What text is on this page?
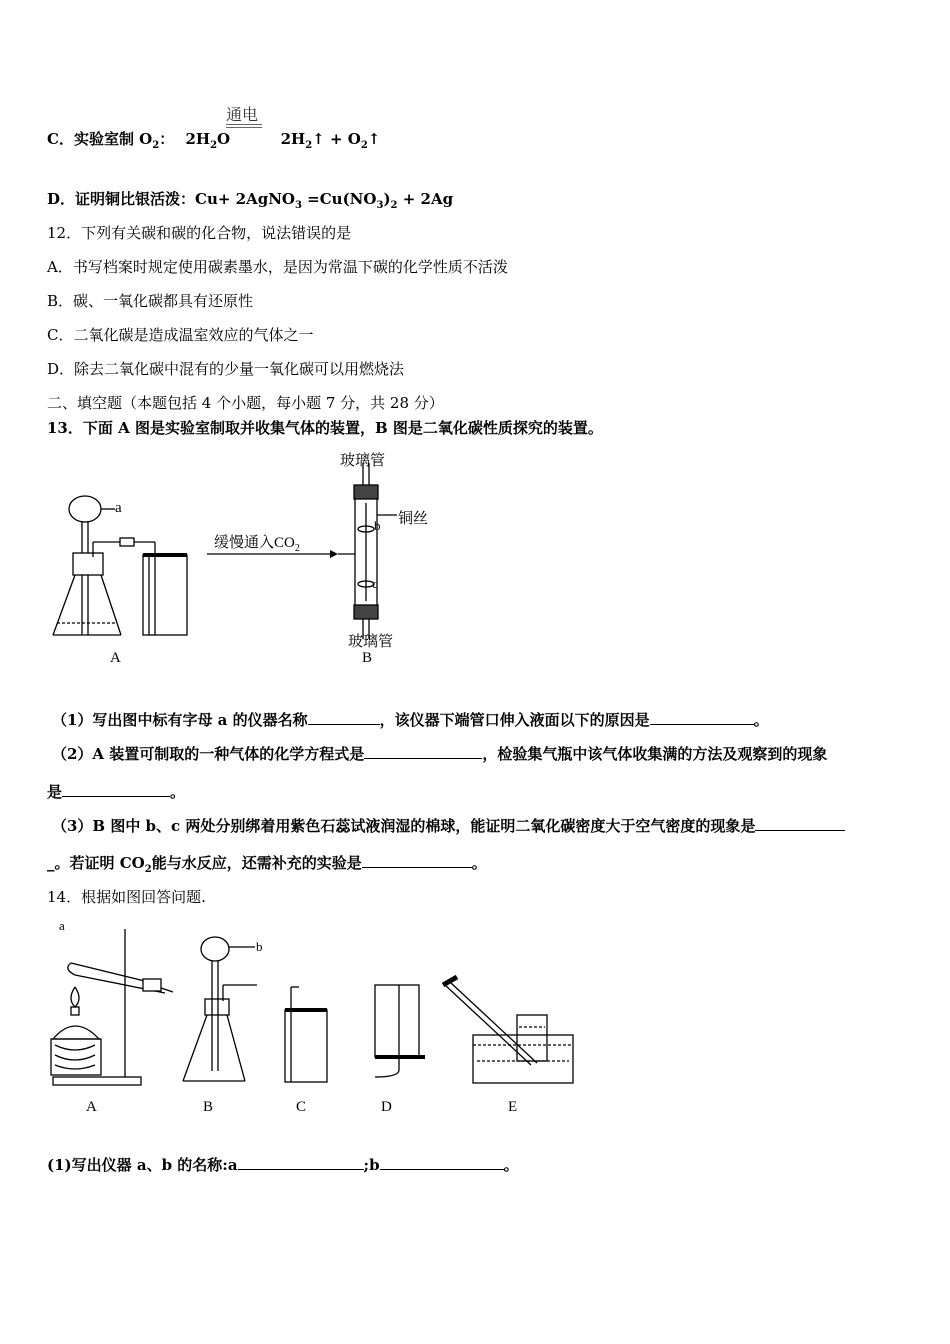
C．实验室制 $O_2$： $2H_2O$	$2H_2↑$ + $O_2↑$
通电
D．证明铜比银活泼：Cu+ 2AgNO$_3$ $=Cu(NO_3)_2 + 2Ag$
12．下列有关碳和碳的化合物，说法错误的是
A．书写档案时规定使用碳素墨水，是因为常温下碳的化学性质不活泼
B．碳、一氧化碳都具有还原性
C．二氧化碳是造成温室效应的气体之一
D．除去二氧化碳中混有的少量一氧化碳可以用燃烧法
二、填空题（本题包括 4 个小题，每小题 7 分，共 28 分）
13．下面 A 图是实验室制取并收集气体的装置，B 图是二氧化碳性质探究的装置。
a
缓慢通入$CO_2$
玻璃管
铜丝
b
c
玻璃管
A	B
（1）写出图中标有字母 a 的仪器名称	，该仪器下端管口伸入液面以下的原因是	。
（2）A 装置可制取的一种气体的化学方程式是	，检验集气瓶中该气体收集满的方法及观察到的现象
是	。
（3）B 图中 b、c 两处分别绑着用紫色石蕊试液润湿的棉球，能证明二氧化碳密度大于空气密度的现象是
_。若证明 $CO_2$能与水反应，还需补充的实验是	。
14．根据如图回答问题.
a
b
A	B	C	D	E
(1)写出仪器 a、b 的名称:a	;b	。
